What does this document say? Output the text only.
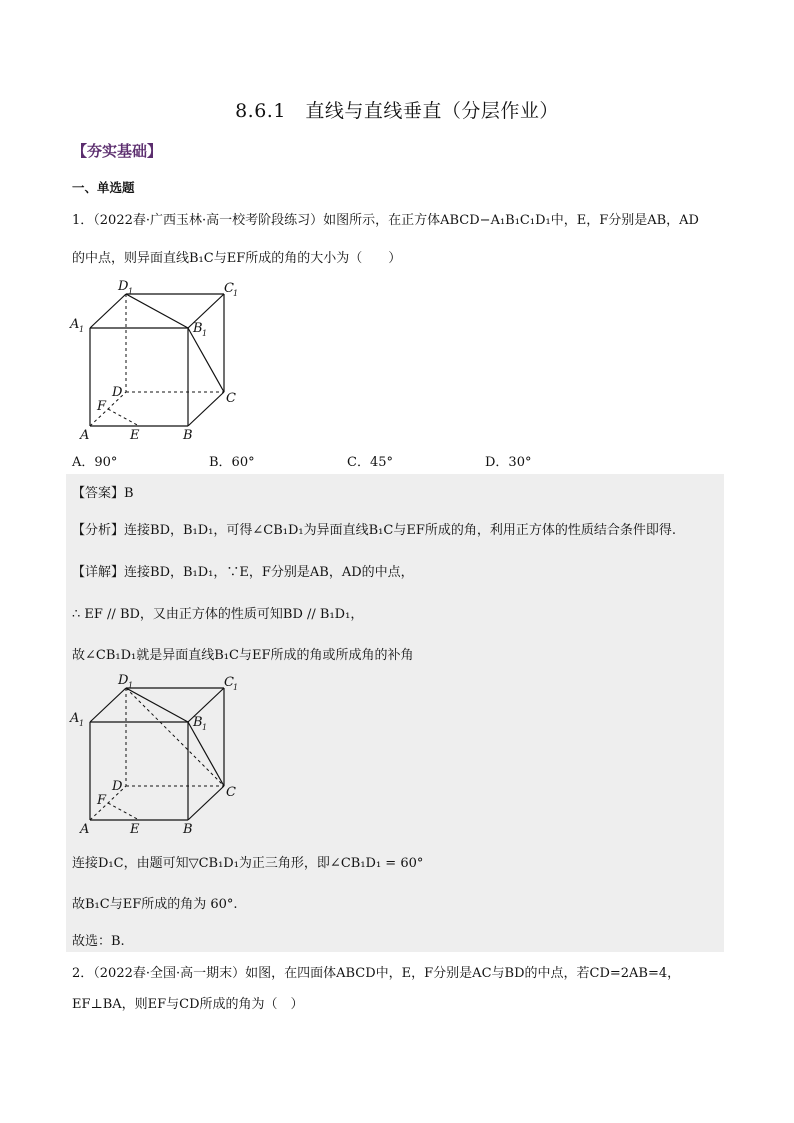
8.6.1　直线与直线垂直（分层作业）
【夯实基础】
一、单选题
1．（2022春·广西玉林·高一校考阶段练习）如图所示，在正方体ABCD−A₁B₁C₁D₁中，E，F分别是AB，AD
的中点，则异面直线B₁C与EF所成的角的大小为（　　）
D 1	C 1
A 1	B 1
D	C
F
A	E	B
A．90°	B．60°	C．45°	D．30°
【答案】B
【分析】连接BD，B₁D₁，可得∠CB₁D₁为异面直线B₁C与EF所成的角，利用正方体的性质结合条件即得.
【详解】连接BD，B₁D₁，∵E，F分别是AB，AD的中点，
∴ EF // BD，又由正方体的性质可知BD // B₁D₁，
故∠CB₁D₁就是异面直线B₁C与EF所成的角或所成角的补角
D 1	C 1
A 1	B 1
D	C
F
A	E	B
连接D₁C，由题可知▽CB₁D₁为正三角形，即∠CB₁D₁ = 60°
故B₁C与EF所成的角为 60°.
故选：B.
2．（2022春·全国·高一期末）如图，在四面体ABCD中，E，F分别是AC与BD的中点，若CD=2AB=4，
EF⊥BA，则EF与CD所成的角为（　）
